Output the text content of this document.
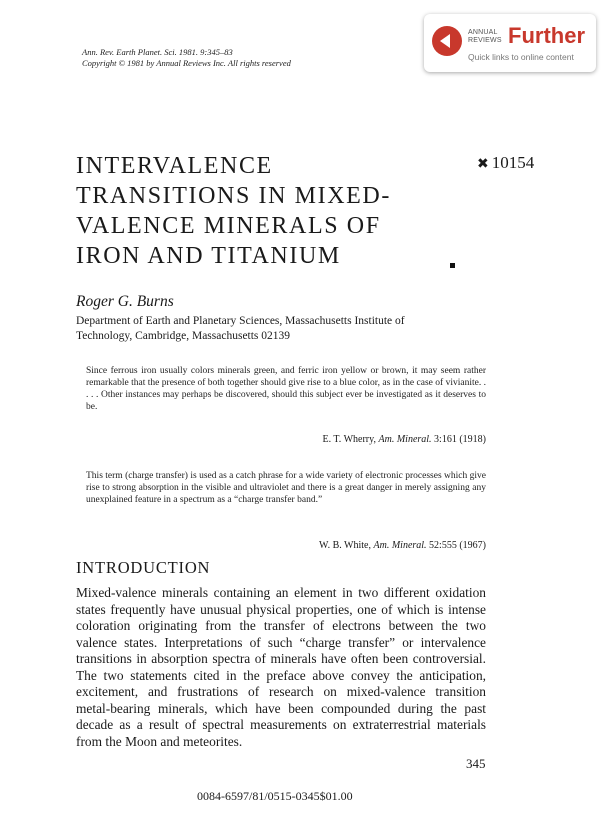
Ann. Rev. Earth Planet. Sci. 1981. 9:345–83
Copyright © 1981 by Annual Reviews Inc. All rights reserved
ANNUAL
REVIEWS Further
Quick links to online content
INTERVALENCE
TRANSITIONS IN MIXED-
VALENCE MINERALS OF
IRON AND TITANIUM
✖ 10154
Roger G. Burns
Department of Earth and Planetary Sciences, Massachusetts Institute of Technology, Cambridge, Massachusetts 02139
Since ferrous iron usually colors minerals green, and ferric iron yellow or brown, it may seem rather remarkable that the presence of both together should give rise to a blue color, as in the case of vivianite. . . . . Other instances may perhaps be discovered, should this subject ever be investigated as it deserves to be.
E. T. Wherry, Am. Mineral. 3:161 (1918)
This term (charge transfer) is used as a catch phrase for a wide variety of electronic processes which give rise to strong absorption in the visible and ultraviolet and there is a great danger in merely assigning any unexplained feature in a spectrum as a “charge transfer band.”
W. B. White, Am. Mineral. 52:555 (1967)
INTRODUCTION
Mixed-valence minerals containing an element in two different oxidation
states frequently have unusual physical properties, one of which is intense
coloration originating from the transfer of electrons between the two
valence states. Interpretations of such “charge transfer” or intervalence
transitions in absorption spectra of minerals have often been controversial.
The two statements cited in the preface above convey the anticipation,
excitement, and frustrations of research on mixed-valence transition
metal-bearing minerals, which have been compounded during the past
decade as a result of spectral measurements on extraterrestrial materials
from the Moon and meteorites.
345
0084-6597/81/0515-0345$01.00
